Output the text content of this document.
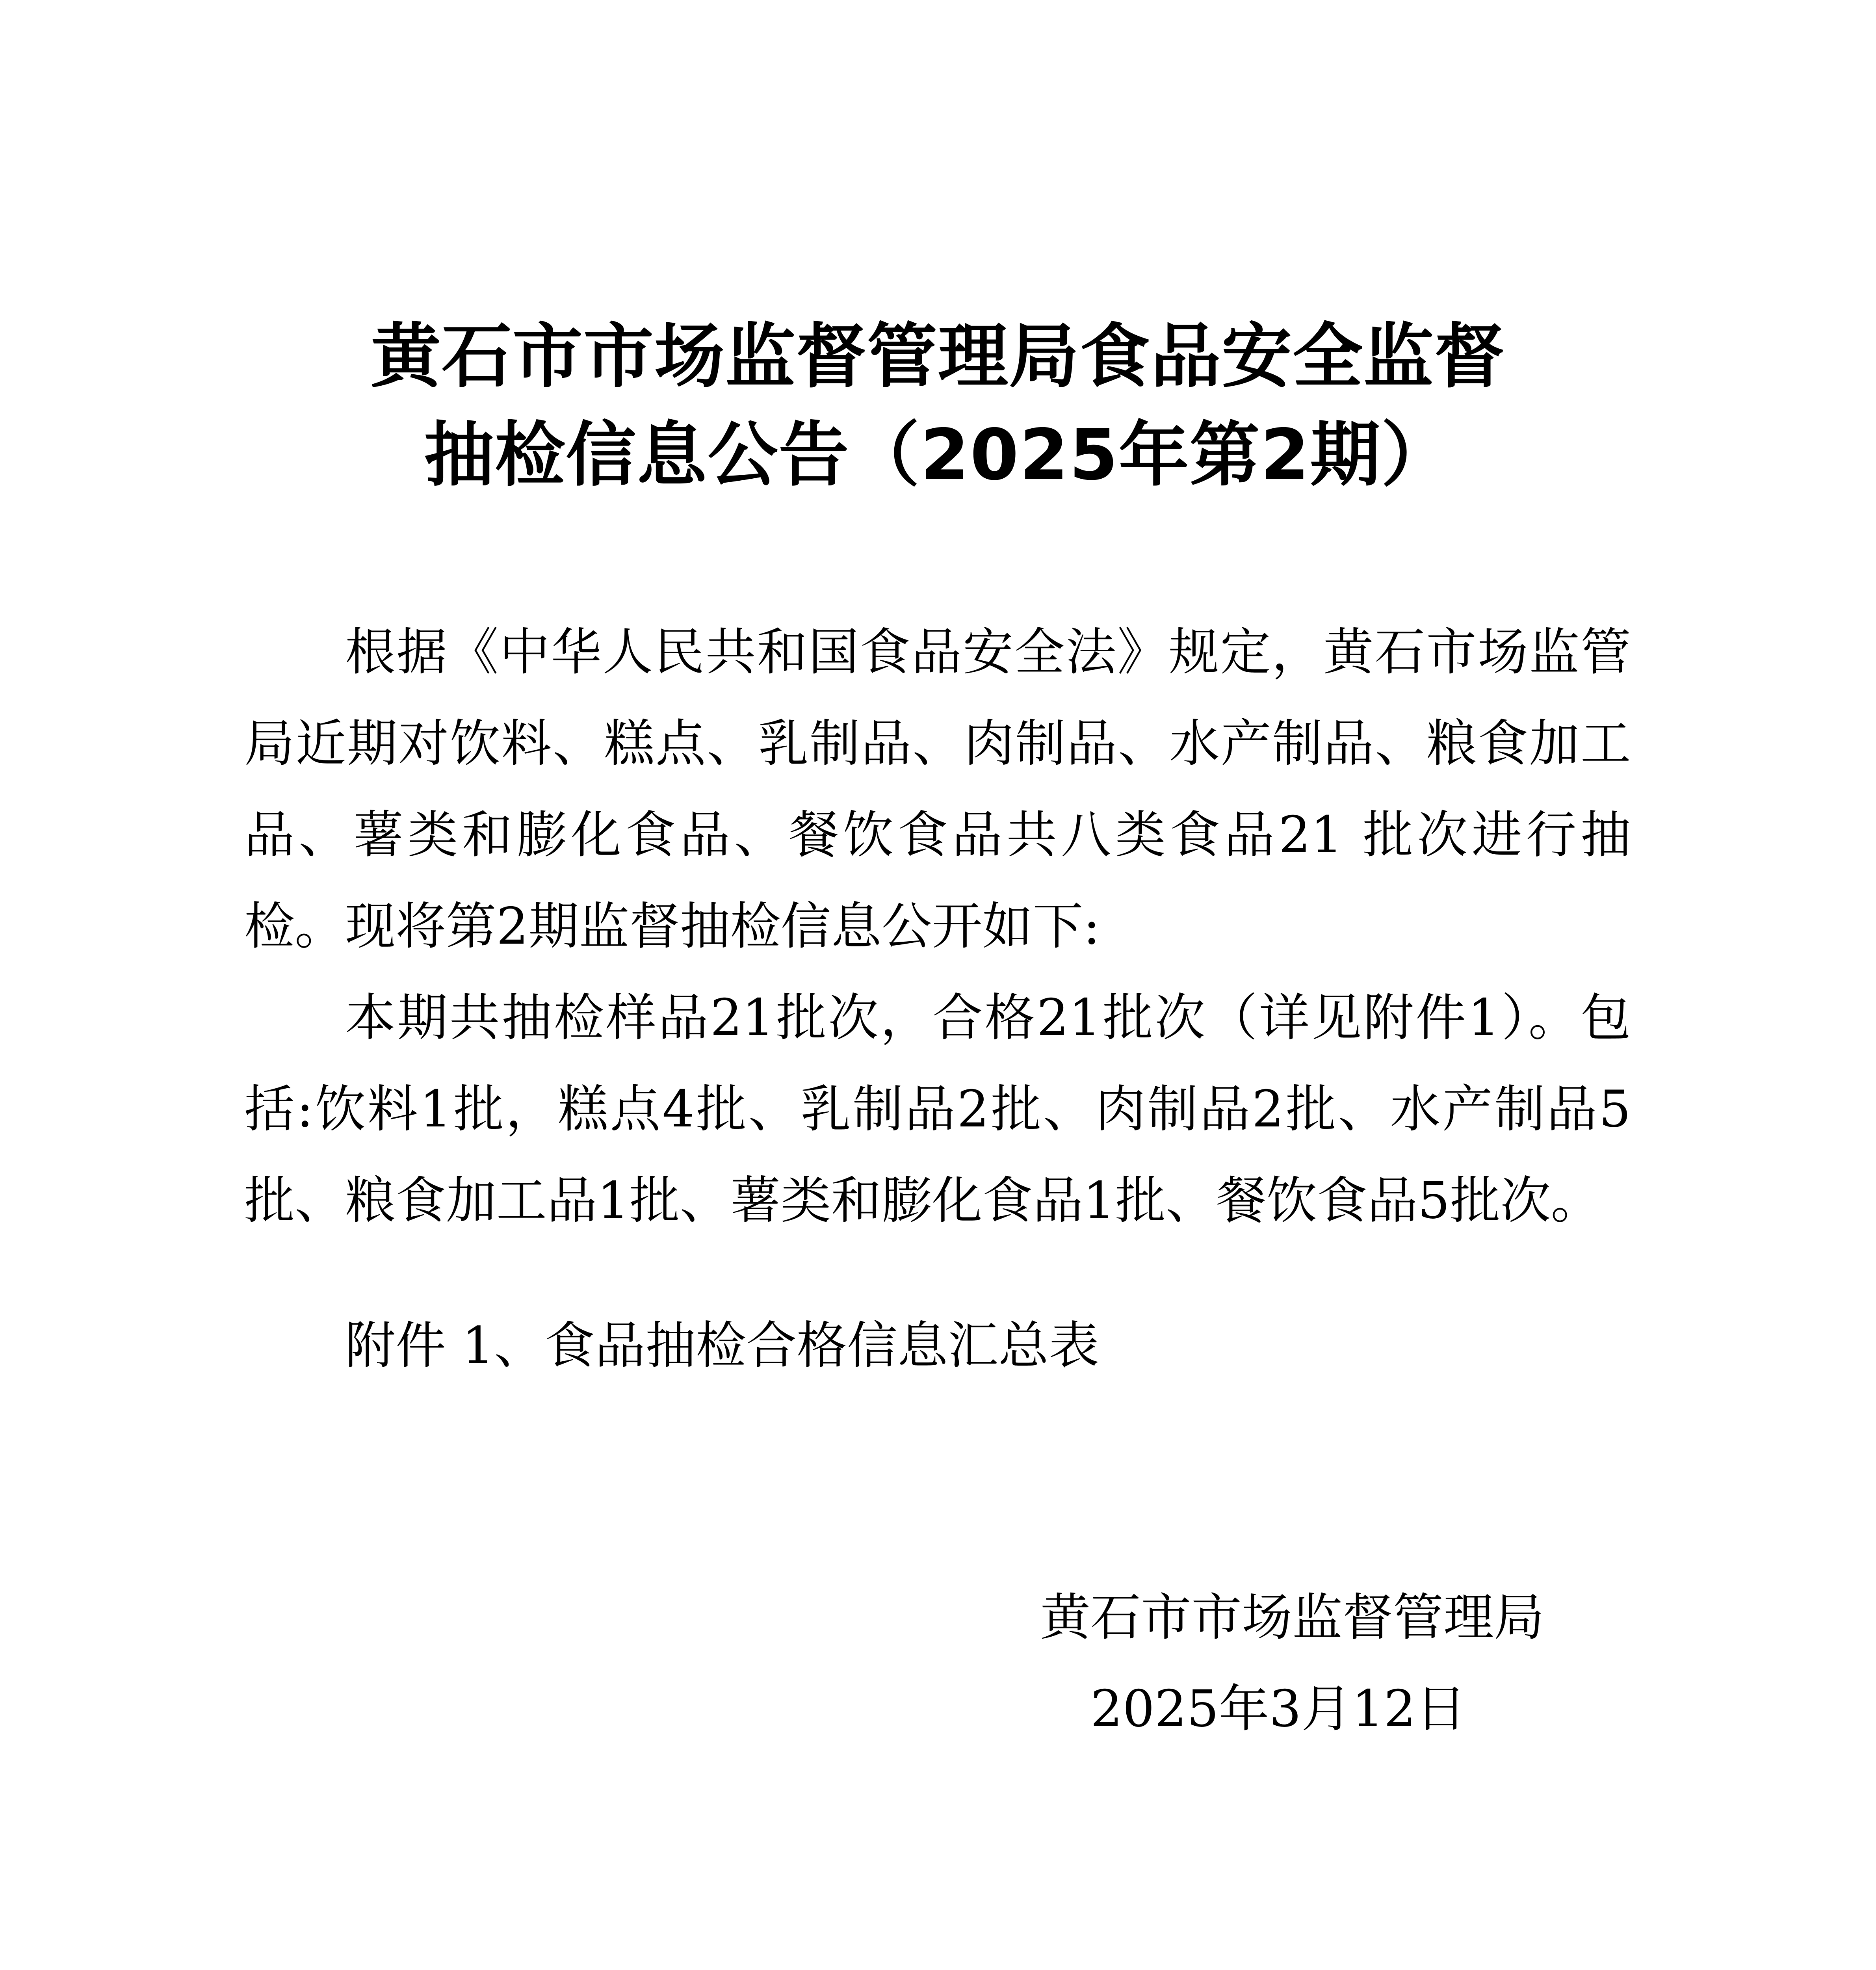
黄石市市场监督管理局食品安全监督
抽检信息公告（2025年第2期）

根据《中华人民共和国食品安全法》规定，黄石市场监管局近期对饮料、糕点、乳制品、肉制品、水产制品、粮食加工品、薯类和膨化食品、餐饮食品共八类食品21 批次进行抽检。现将第2期监督抽检信息公开如下:

本期共抽检样品21批次，合格21批次（详见附件1）。包括:饮料1批，糕点4批、乳制品2批、肉制品2批、水产制品5批、粮食加工品1批、薯类和膨化食品1批、餐饮食品5批次。

附件 1、食品抽检合格信息汇总表
黄石市市场监督管理局
2025年3月12日
